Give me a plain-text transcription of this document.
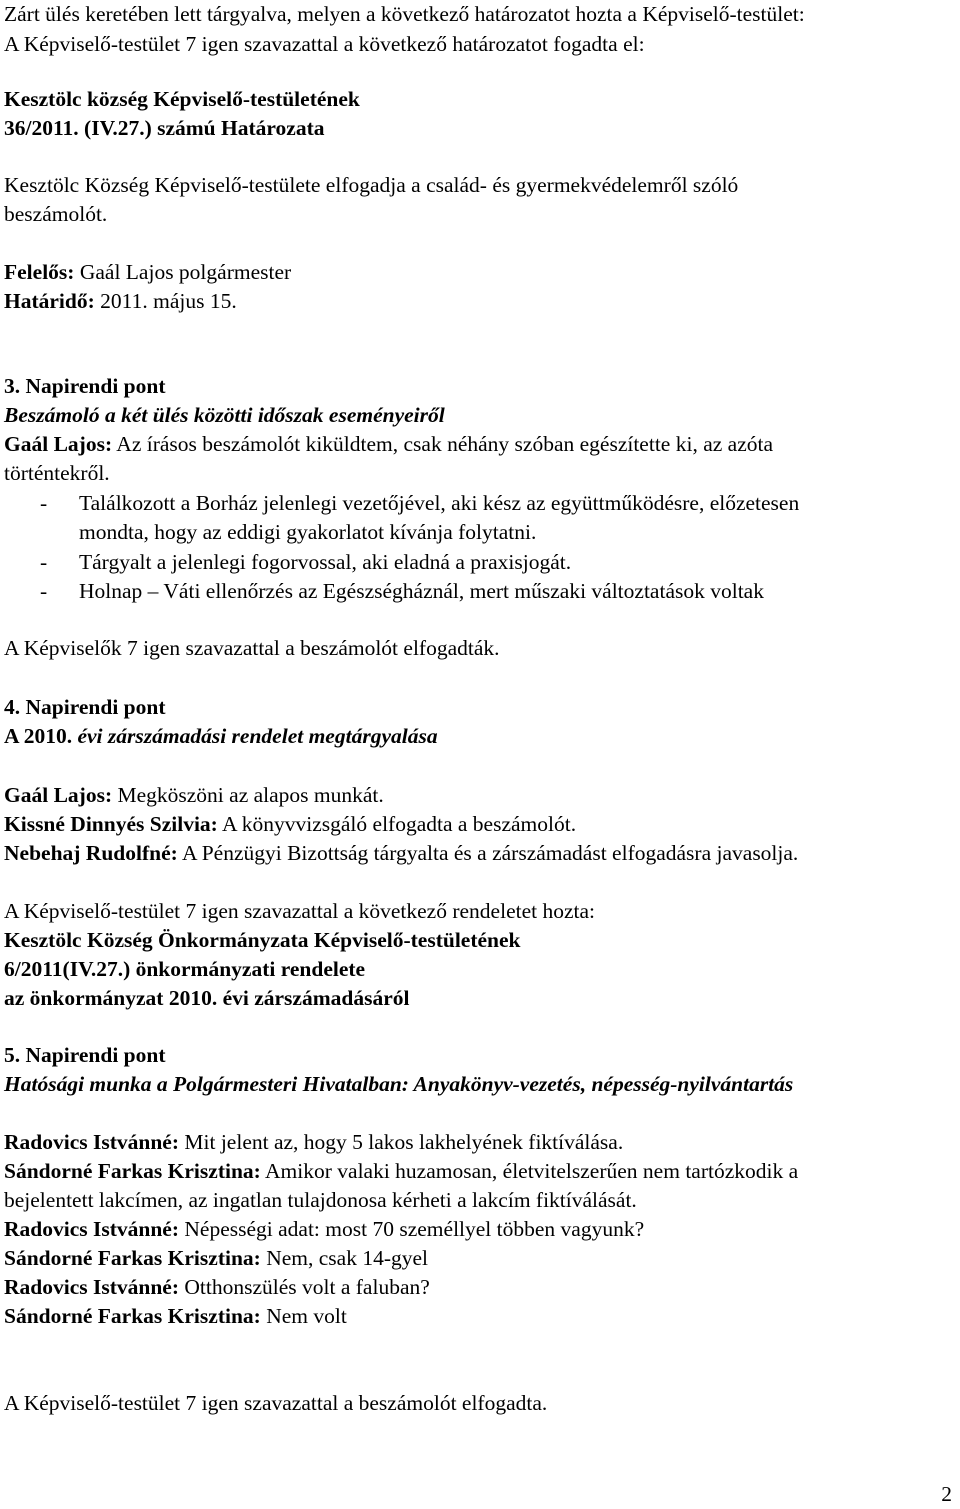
Zárt ülés keretében lett tárgyalva, melyen a következő határozatot hozta a Képviselő-testület:
A Képviselő-testület 7 igen szavazattal a következő határozatot fogadta el:
Kesztölc község Képviselő-testületének
36/2011. (IV.27.) számú Határozata
Kesztölc Község Képviselő-testülete elfogadja a család- és gyermekvédelemről szóló
beszámolót.
Felelős: Gaál Lajos polgármester
Határidő: 2011. május 15.
3. Napirendi pont
Beszámoló a két ülés közötti időszak eseményeiről
Gaál Lajos: Az írásos beszámolót kiküldtem, csak néhány szóban egészítette ki, az azóta
történtekről.
- Találkozott a Borház jelenlegi vezetőjével, aki kész az együttműködésre, előzetesen
mondta, hogy az eddigi gyakorlatot kívánja folytatni.
- Tárgyalt a jelenlegi fogorvossal, aki eladná a praxisjogát.
- Holnap – Váti ellenőrzés az Egészségháznál, mert műszaki változtatások voltak
A Képviselők 7 igen szavazattal a beszámolót elfogadták.
4. Napirendi pont
A 2010. évi zárszámadási rendelet megtárgyalása
Gaál Lajos: Megköszöni az alapos munkát.
Kissné Dinnyés Szilvia: A könyvvizsgáló elfogadta a beszámolót.
Nebehaj Rudolfné: A Pénzügyi Bizottság tárgyalta és a zárszámadást elfogadásra javasolja.
A Képviselő-testület 7 igen szavazattal a következő rendeletet hozta:
Kesztölc Község Önkormányzata Képviselő-testületének
6/2011(IV.27.) önkormányzati rendelete
az önkormányzat 2010. évi zárszámadásáról
5. Napirendi pont
Hatósági munka a Polgármesteri Hivatalban: Anyakönyv-vezetés, népesség-nyilvántartás
Radovics Istvánné: Mit jelent az, hogy 5 lakos lakhelyének fiktíválása.
Sándorné Farkas Krisztina: Amikor valaki huzamosan, életvitelszerűen nem tartózkodik a
bejelentett lakcímen, az ingatlan tulajdonosa kérheti a lakcím fiktíválását.
Radovics Istvánné: Népességi adat: most 70 személlyel többen vagyunk?
Sándorné Farkas Krisztina: Nem, csak 14-gyel
Radovics Istvánné: Otthonszülés volt a faluban?
Sándorné Farkas Krisztina: Nem volt
A Képviselő-testület 7 igen szavazattal a beszámolót elfogadta.
2
